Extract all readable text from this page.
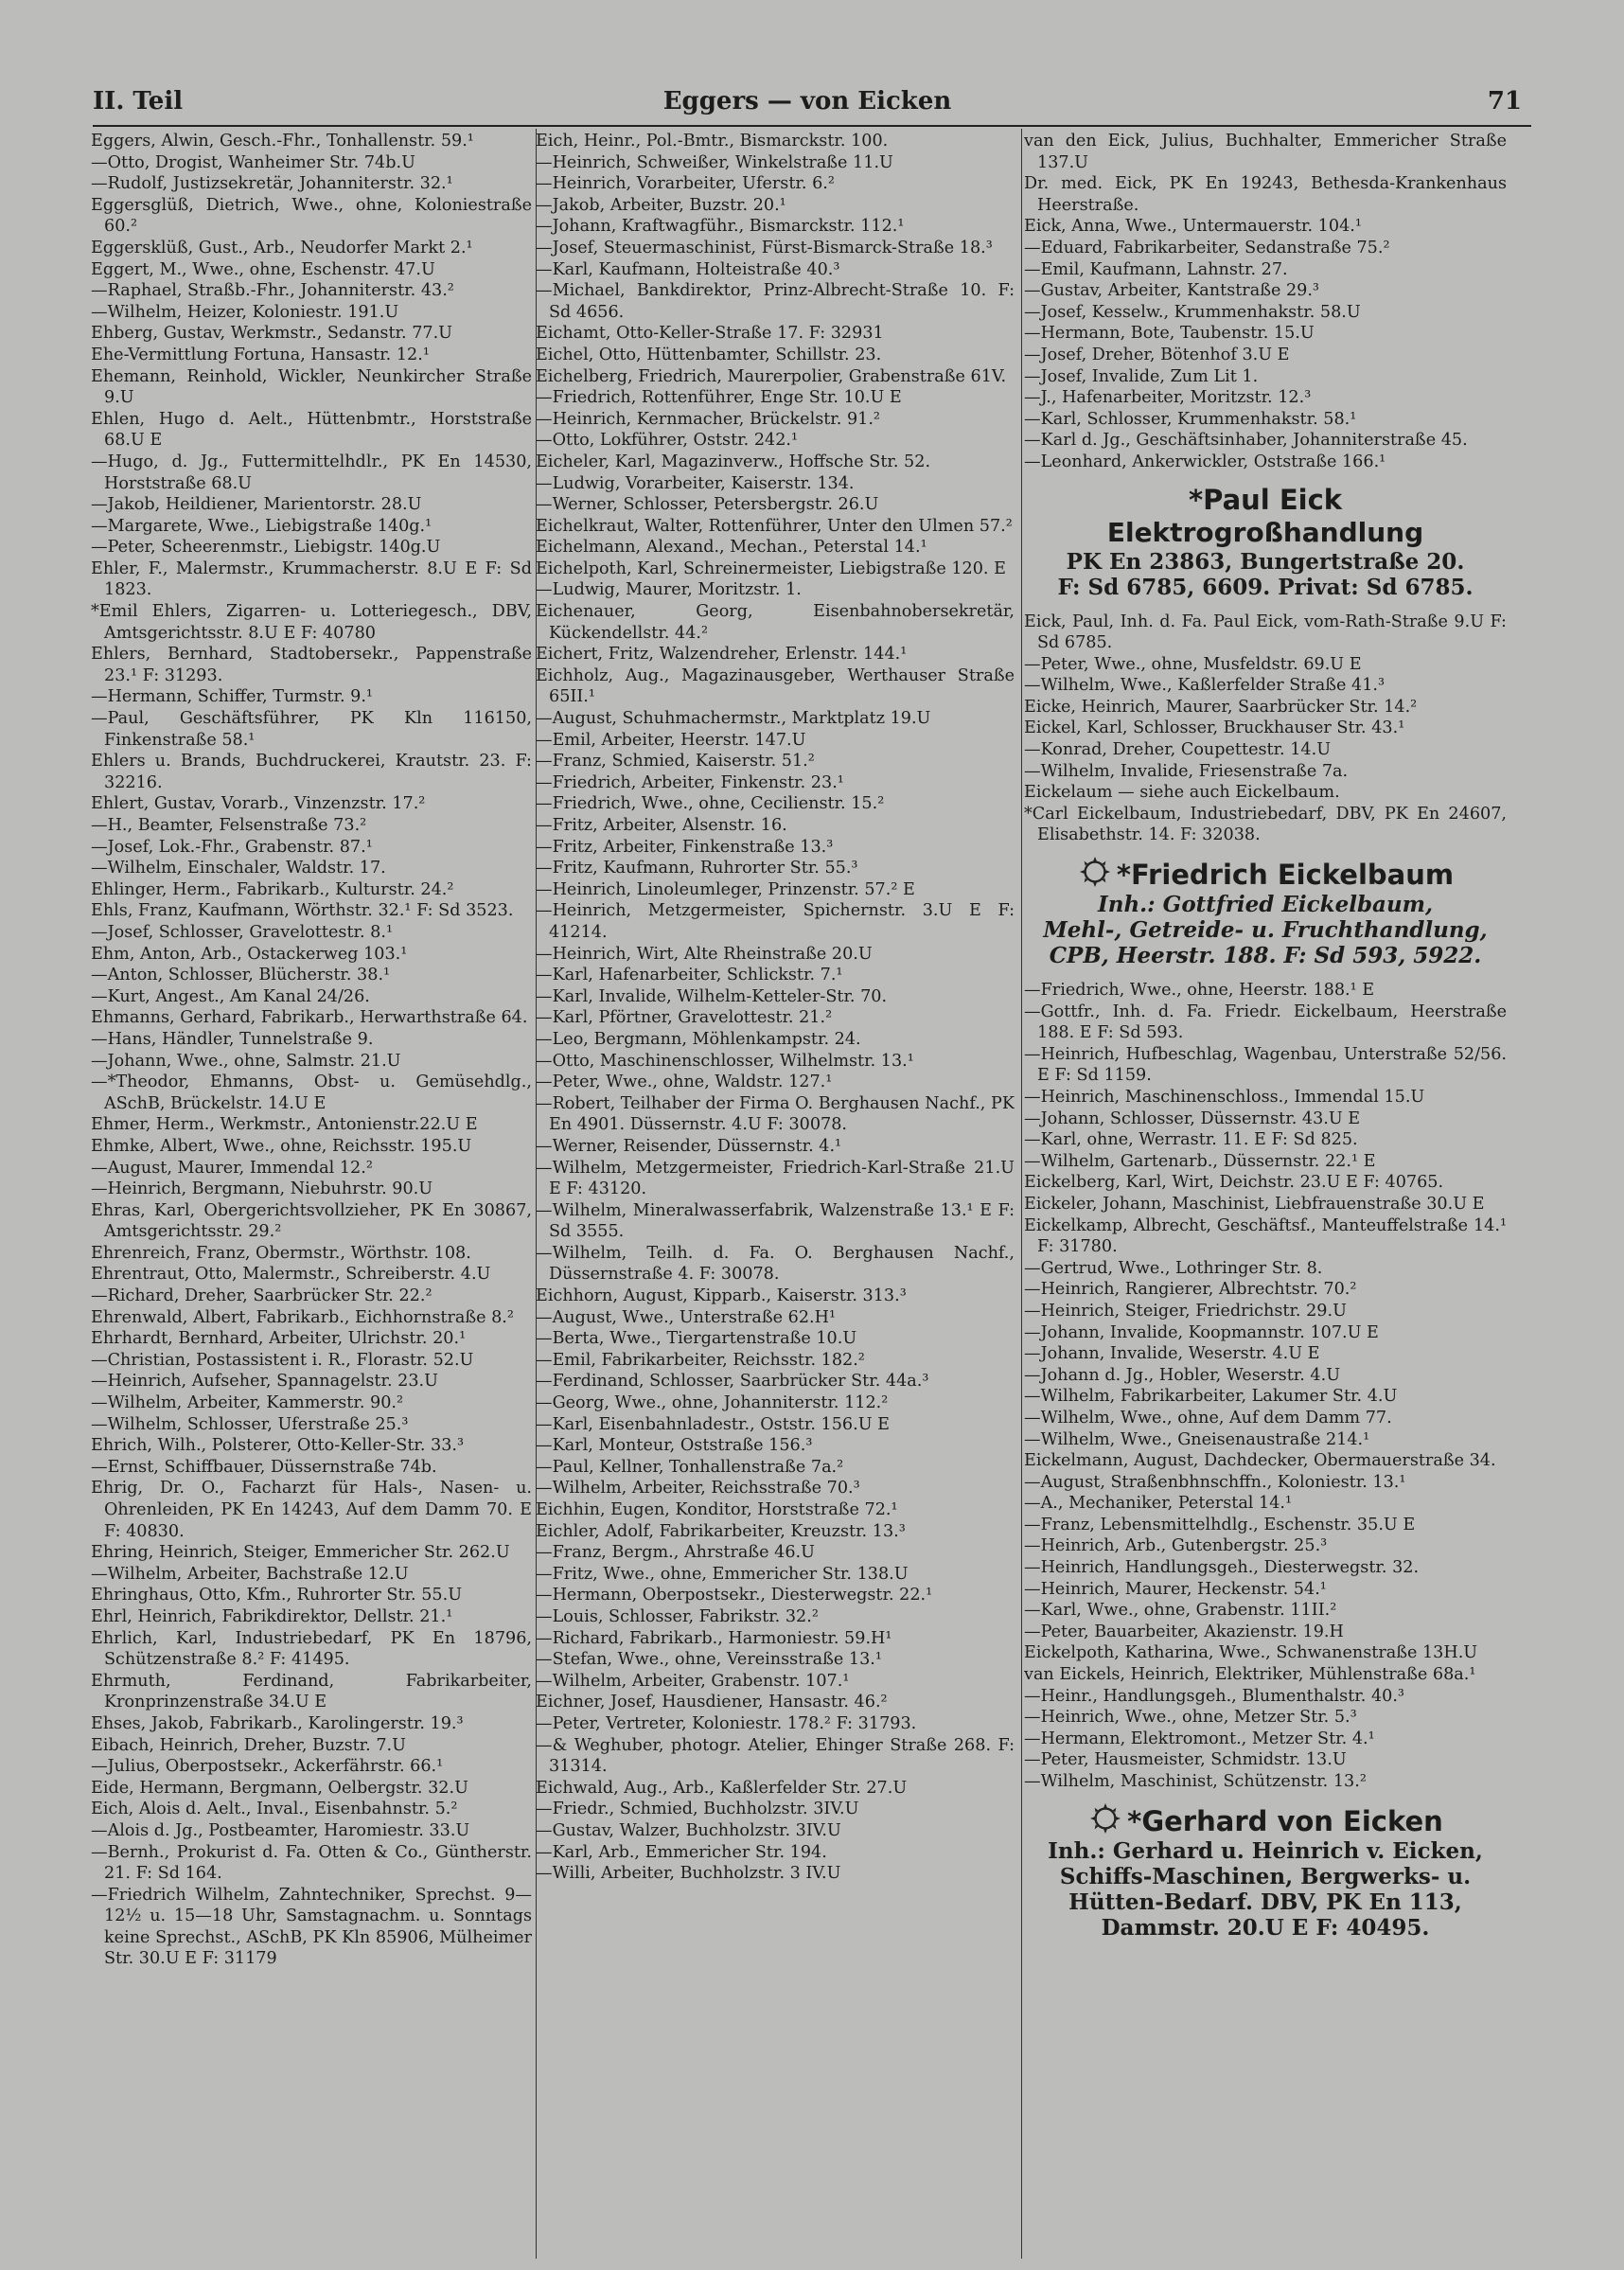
II. Teil	Eggers — von Eicken	71
Eggers, Alwin, Gesch.-Fhr., Tonhallenstr. 59.¹
—Otto, Drogist, Wanheimer Str. 74b.U
—Rudolf, Justizsekretär, Johanniterstr. 32.¹
Eggersglüß, Dietrich, Wwe., ohne, Koloniestraße 60.²
Eggersklüß, Gust., Arb., Neudorfer Markt 2.¹
Eggert, M., Wwe., ohne, Eschenstr. 47.U
—Raphael, Straßb.-Fhr., Johanniterstr. 43.²
—Wilhelm, Heizer, Koloniestr. 191.U
Ehberg, Gustav, Werkmstr., Sedanstr. 77.U
Ehe-Vermittlung Fortuna, Hansastr. 12.¹
Ehemann, Reinhold, Wickler, Neunkircher Straße 9.U
Ehlen, Hugo d. Aelt., Hüttenbmtr., Horststraße 68.U E
—Hugo, d. Jg., Futtermittelhdlr., PK En 14530, Horststraße 68.U
—Jakob, Heildiener, Marientorstr. 28.U
—Margarete, Wwe., Liebigstraße 140g.¹
—Peter, Scheerenmstr., Liebigstr. 140g.U
Ehler, F., Malermstr., Krummacherstr. 8.U E F: Sd 1823.
*Emil Ehlers, Zigarren- u. Lotteriegesch., DBV, Amtsgerichtsstr. 8.U E F: 40780
Ehlers, Bernhard, Stadtobersekr., Pappenstraße 23.¹ F: 31293.
—Hermann, Schiffer, Turmstr. 9.¹
—Paul, Geschäftsführer, PK Kln 116150, Finkenstraße 58.¹
Ehlers u. Brands, Buchdruckerei, Krautstr. 23. F: 32216.
Ehlert, Gustav, Vorarb., Vinzenzstr. 17.²
—H., Beamter, Felsenstraße 73.²
—Josef, Lok.-Fhr., Grabenstr. 87.¹
—Wilhelm, Einschaler, Waldstr. 17.
Ehlinger, Herm., Fabrikarb., Kulturstr. 24.²
Ehls, Franz, Kaufmann, Wörthstr. 32.¹ F: Sd 3523.
—Josef, Schlosser, Gravelottestr. 8.¹
Ehm, Anton, Arb., Ostackerweg 103.¹
—Anton, Schlosser, Blücherstr. 38.¹
—Kurt, Angest., Am Kanal 24/26.
Ehmanns, Gerhard, Fabrikarb., Herwarthstraße 64.
—Hans, Händler, Tunnelstraße 9.
—Johann, Wwe., ohne, Salmstr. 21.U
—*Theodor, Ehmanns, Obst- u. Gemüsehdlg., ASchB, Brückelstr. 14.U E
Ehmer, Herm., Werkmstr., Antonienstr.22.U E
Ehmke, Albert, Wwe., ohne, Reichsstr. 195.U
—August, Maurer, Immendal 12.²
—Heinrich, Bergmann, Niebuhrstr. 90.U
Ehras, Karl, Obergerichtsvollzieher, PK En 30867, Amtsgerichtsstr. 29.²
Ehrenreich, Franz, Obermstr., Wörthstr. 108.
Ehrentraut, Otto, Malermstr., Schreiberstr. 4.U
—Richard, Dreher, Saarbrücker Str. 22.²
Ehrenwald, Albert, Fabrikarb., Eichhornstraße 8.²
Ehrhardt, Bernhard, Arbeiter, Ulrichstr. 20.¹
—Christian, Postassistent i. R., Florastr. 52.U
—Heinrich, Aufseher, Spannagelstr. 23.U
—Wilhelm, Arbeiter, Kammerstr. 90.²
—Wilhelm, Schlosser, Uferstraße 25.³
Ehrich, Wilh., Polsterer, Otto-Keller-Str. 33.³
—Ernst, Schiffbauer, Düssernstraße 74b.
Ehrig, Dr. O., Facharzt für Hals-, Nasen- u. Ohrenleiden, PK En 14243, Auf dem Damm 70. E F: 40830.
Ehring, Heinrich, Steiger, Emmericher Str. 262.U
—Wilhelm, Arbeiter, Bachstraße 12.U
Ehringhaus, Otto, Kfm., Ruhrorter Str. 55.U
Ehrl, Heinrich, Fabrikdirektor, Dellstr. 21.¹
Ehrlich, Karl, Industriebedarf, PK En 18796, Schützenstraße 8.² F: 41495.
Ehrmuth, Ferdinand, Fabrikarbeiter, Kronprinzenstraße 34.U E
Ehses, Jakob, Fabrikarb., Karolingerstr. 19.³
Eibach, Heinrich, Dreher, Buzstr. 7.U
—Julius, Oberpostsekr., Ackerfährstr. 66.¹
Eide, Hermann, Bergmann, Oelbergstr. 32.U
Eich, Alois d. Aelt., Inval., Eisenbahnstr. 5.²
—Alois d. Jg., Postbeamter, Haromiestr. 33.U
—Bernh., Prokurist d. Fa. Otten & Co., Güntherstr. 21. F: Sd 164.
—Friedrich Wilhelm, Zahntechniker, Sprechst. 9—12½ u. 15—18 Uhr, Samstagnachm. u. Sonntags keine Sprechst., ASchB, PK Kln 85906, Mülheimer Str. 30.U E F: 31179
Eich, Heinr., Pol.-Bmtr., Bismarckstr. 100.
—Heinrich, Schweißer, Winkelstraße 11.U
—Heinrich, Vorarbeiter, Uferstr. 6.²
—Jakob, Arbeiter, Buzstr. 20.¹
—Johann, Kraftwagführ., Bismarckstr. 112.¹
—Josef, Steuermaschinist, Fürst-Bismarck-Straße 18.³
—Karl, Kaufmann, Holteistraße 40.³
—Michael, Bankdirektor, Prinz-Albrecht-Straße 10. F: Sd 4656.
Eichamt, Otto-Keller-Straße 17. F: 32931
Eichel, Otto, Hüttenbamter, Schillstr. 23.
Eichelberg, Friedrich, Maurerpolier, Grabenstraße 61V.
—Friedrich, Rottenführer, Enge Str. 10.U E
—Heinrich, Kernmacher, Brückelstr. 91.²
—Otto, Lokführer, Oststr. 242.¹
Eicheler, Karl, Magazinverw., Hoffsche Str. 52.
—Ludwig, Vorarbeiter, Kaiserstr. 134.
—Werner, Schlosser, Petersbergstr. 26.U
Eichelkraut, Walter, Rottenführer, Unter den Ulmen 57.²
Eichelmann, Alexand., Mechan., Peterstal 14.¹
Eichelpoth, Karl, Schreinermeister, Liebigstraße 120. E
—Ludwig, Maurer, Moritzstr. 1.
Eichenauer, Georg, Eisenbahnobersekretär, Kückendellstr. 44.²
Eichert, Fritz, Walzendreher, Erlenstr. 144.¹
Eichholz, Aug., Magazinausgeber, Werthauser Straße 65II.¹
—August, Schuhmachermstr., Marktplatz 19.U
—Emil, Arbeiter, Heerstr. 147.U
—Franz, Schmied, Kaiserstr. 51.²
—Friedrich, Arbeiter, Finkenstr. 23.¹
—Friedrich, Wwe., ohne, Cecilienstr. 15.²
—Fritz, Arbeiter, Alsenstr. 16.
—Fritz, Arbeiter, Finkenstraße 13.³
—Fritz, Kaufmann, Ruhrorter Str. 55.³
—Heinrich, Linoleumleger, Prinzenstr. 57.² E
—Heinrich, Metzgermeister, Spichernstr. 3.U E F: 41214.
—Heinrich, Wirt, Alte Rheinstraße 20.U
—Karl, Hafenarbeiter, Schlickstr. 7.¹
—Karl, Invalide, Wilhelm-Ketteler-Str. 70.
—Karl, Pförtner, Gravelottestr. 21.²
—Leo, Bergmann, Möhlenkampstr. 24.
—Otto, Maschinenschlosser, Wilhelmstr. 13.¹
—Peter, Wwe., ohne, Waldstr. 127.¹
—Robert, Teilhaber der Firma O. Berghausen Nachf., PK En 4901. Düssernstr. 4.U F: 30078.
—Werner, Reisender, Düssernstr. 4.¹
—Wilhelm, Metzgermeister, Friedrich-Karl-Straße 21.U E F: 43120.
—Wilhelm, Mineralwasserfabrik, Walzenstraße 13.¹ E F: Sd 3555.
—Wilhelm, Teilh. d. Fa. O. Berghausen Nachf., Düssernstraße 4. F: 30078.
Eichhorn, August, Kipparb., Kaiserstr. 313.³
—August, Wwe., Unterstraße 62.H¹
—Berta, Wwe., Tiergartenstraße 10.U
—Emil, Fabrikarbeiter, Reichsstr. 182.²
—Ferdinand, Schlosser, Saarbrücker Str. 44a.³
—Georg, Wwe., ohne, Johanniterstr. 112.²
—Karl, Eisenbahnladestr., Oststr. 156.U E
—Karl, Monteur, Oststraße 156.³
—Paul, Kellner, Tonhallenstraße 7a.²
—Wilhelm, Arbeiter, Reichsstraße 70.³
Eichhin, Eugen, Konditor, Horststraße 72.¹
Eichler, Adolf, Fabrikarbeiter, Kreuzstr. 13.³
—Franz, Bergm., Ahrstraße 46.U
—Fritz, Wwe., ohne, Emmericher Str. 138.U
—Hermann, Oberpostsekr., Diesterwegstr. 22.¹
—Louis, Schlosser, Fabrikstr. 32.²
—Richard, Fabrikarb., Harmoniestr. 59.H¹
—Stefan, Wwe., ohne, Vereinsstraße 13.¹
—Wilhelm, Arbeiter, Grabenstr. 107.¹
Eichner, Josef, Hausdiener, Hansastr. 46.²
—Peter, Vertreter, Koloniestr. 178.² F: 31793.
—& Weghuber, photogr. Atelier, Ehinger Straße 268. F: 31314.
Eichwald, Aug., Arb., Kaßlerfelder Str. 27.U
—Friedr., Schmied, Buchholzstr. 3IV.U
—Gustav, Walzer, Buchholzstr. 3IV.U
—Karl, Arb., Emmericher Str. 194.
—Willi, Arbeiter, Buchholzstr. 3 IV.U
van den Eick, Julius, Buchhalter, Emmericher Straße 137.U
Dr. med. Eick, PK En 19243, Bethesda-Krankenhaus Heerstraße.
Eick, Anna, Wwe., Untermauerstr. 104.¹
—Eduard, Fabrikarbeiter, Sedanstraße 75.²
—Emil, Kaufmann, Lahnstr. 27.
—Gustav, Arbeiter, Kantstraße 29.³
—Josef, Kesselw., Krummenhakstr. 58.U
—Hermann, Bote, Taubenstr. 15.U
—Josef, Dreher, Bötenhof 3.U E
—Josef, Invalide, Zum Lit 1.
—J., Hafenarbeiter, Moritzstr. 12.³
—Karl, Schlosser, Krummenhakstr. 58.¹
—Karl d. Jg., Geschäftsinhaber, Johanniterstraße 45.
—Leonhard, Ankerwickler, Oststraße 166.¹
*Paul Eick
Elektrogroßhandlung
PK En 23863, Bungertstraße 20.
F: Sd 6785, 6609. Privat: Sd 6785.
Eick, Paul, Inh. d. Fa. Paul Eick, vom-Rath-Straße 9.U F: Sd 6785.
—Peter, Wwe., ohne, Musfeldstr. 69.U E
—Wilhelm, Wwe., Kaßlerfelder Straße 41.³
Eicke, Heinrich, Maurer, Saarbrücker Str. 14.²
Eickel, Karl, Schlosser, Bruckhauser Str. 43.¹
—Konrad, Dreher, Coupettestr. 14.U
—Wilhelm, Invalide, Friesenstraße 7a.
Eickelaum — siehe auch Eickelbaum.
*Carl Eickelbaum, Industriebedarf, DBV, PK En 24607, Elisabethstr. 14. F: 32038.
*Friedrich Eickelbaum
Inh.: Gottfried Eickelbaum,
Mehl-, Getreide- u. Fruchthandlung,
CPB, Heerstr. 188. F: Sd 593, 5922.
—Friedrich, Wwe., ohne, Heerstr. 188.¹ E
—Gottfr., Inh. d. Fa. Friedr. Eickelbaum, Heerstraße 188. E F: Sd 593.
—Heinrich, Hufbeschlag, Wagenbau, Unterstraße 52/56. E F: Sd 1159.
—Heinrich, Maschinenschloss., Immendal 15.U
—Johann, Schlosser, Düssernstr. 43.U E
—Karl, ohne, Werrastr. 11. E F: Sd 825.
—Wilhelm, Gartenarb., Düssernstr. 22.¹ E
Eickelberg, Karl, Wirt, Deichstr. 23.U E F: 40765.
Eickeler, Johann, Maschinist, Liebfrauenstraße 30.U E
Eickelkamp, Albrecht, Geschäftsf., Manteuffelstraße 14.¹ F: 31780.
—Gertrud, Wwe., Lothringer Str. 8.
—Heinrich, Rangierer, Albrechtstr. 70.²
—Heinrich, Steiger, Friedrichstr. 29.U
—Johann, Invalide, Koopmannstr. 107.U E
—Johann, Invalide, Weserstr. 4.U E
—Johann d. Jg., Hobler, Weserstr. 4.U
—Wilhelm, Fabrikarbeiter, Lakumer Str. 4.U
—Wilhelm, Wwe., ohne, Auf dem Damm 77.
—Wilhelm, Wwe., Gneisenaustraße 214.¹
Eickelmann, August, Dachdecker, Obermauerstraße 34.
—August, Straßenbhnschffn., Koloniestr. 13.¹
—A., Mechaniker, Peterstal 14.¹
—Franz, Lebensmittelhdlg., Eschenstr. 35.U E
—Heinrich, Arb., Gutenbergstr. 25.³
—Heinrich, Handlungsgeh., Diesterwegstr. 32.
—Heinrich, Maurer, Heckenstr. 54.¹
—Karl, Wwe., ohne, Grabenstr. 11II.²
—Peter, Bauarbeiter, Akazienstr. 19.H
Eickelpoth, Katharina, Wwe., Schwanenstraße 13H.U
van Eickels, Heinrich, Elektriker, Mühlenstraße 68a.¹
—Heinr., Handlungsgeh., Blumenthalstr. 40.³
—Heinrich, Wwe., ohne, Metzer Str. 5.³
—Hermann, Elektromont., Metzer Str. 4.¹
—Peter, Hausmeister, Schmidstr. 13.U
—Wilhelm, Maschinist, Schützenstr. 13.²
*Gerhard von Eicken
Inh.: Gerhard u. Heinrich v. Eicken,
Schiffs-Maschinen, Bergwerks- u.
Hütten-Bedarf. DBV, PK En 113,
Dammstr. 20.U E F: 40495.
